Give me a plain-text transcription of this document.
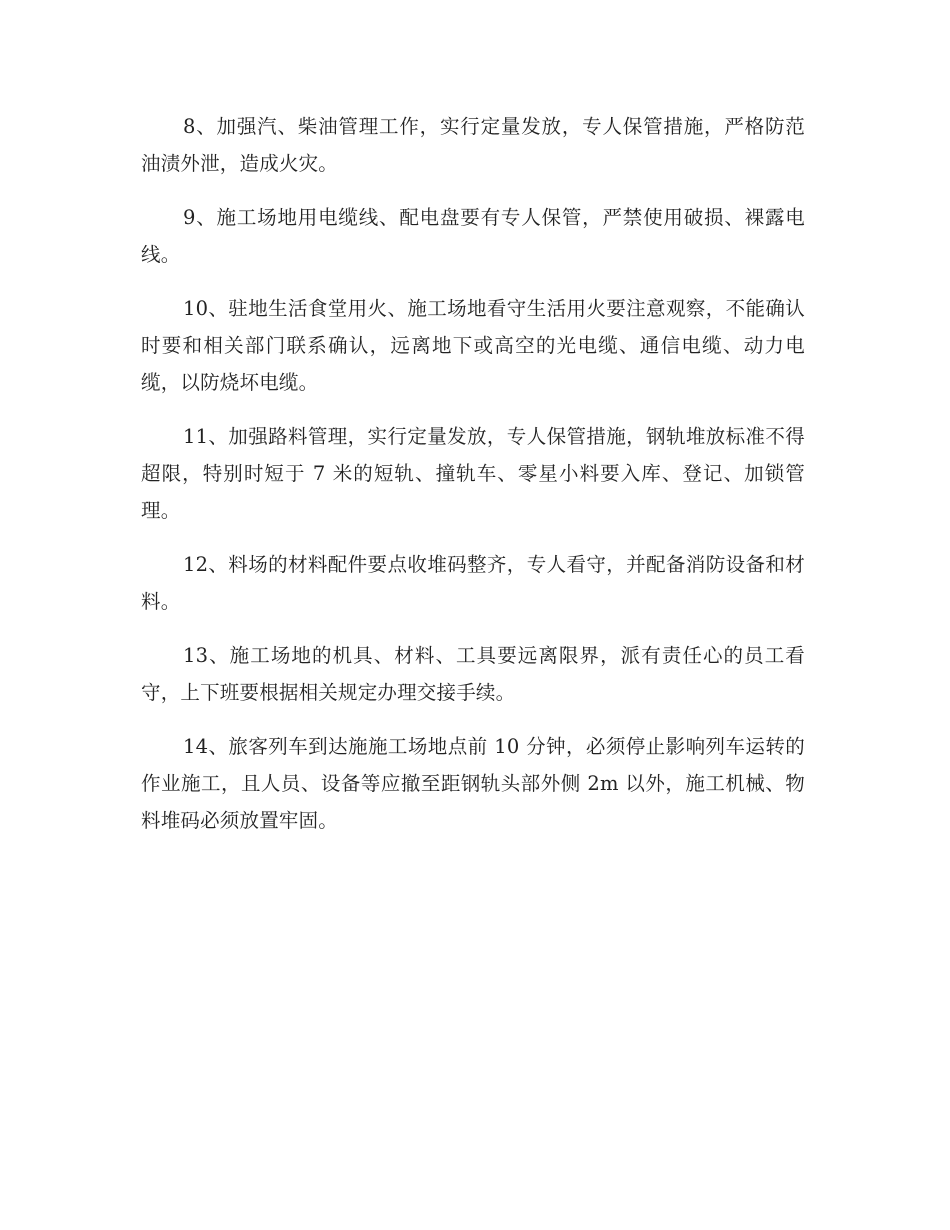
8、加强汽、柴油管理工作，实行定量发放，专人保管措施，严格防范油渍外泄，造成火灾。

9、施工场地用电缆线、配电盘要有专人保管，严禁使用破损、裸露电线。

10、驻地生活食堂用火、施工场地看守生活用火要注意观察，不能确认时要和相关部门联系确认，远离地下或高空的光电缆、通信电缆、动力电缆，以防烧坏电缆。

11、加强路料管理，实行定量发放，专人保管措施，钢轨堆放标准不得超限，特别时短于 7 米的短轨、撞轨车、零星小料要入库、登记、加锁管理。

12、料场的材料配件要点收堆码整齐，专人看守，并配备消防设备和材料。

13、施工场地的机具、材料、工具要远离限界，派有责任心的员工看守，上下班要根据相关规定办理交接手续。

14、旅客列车到达施施工场地点前 10 分钟，必须停止影响列车运转的作业施工，且人员、设备等应撤至距钢轨头部外侧 2m 以外，施工机械、物料堆码必须放置牢固。
